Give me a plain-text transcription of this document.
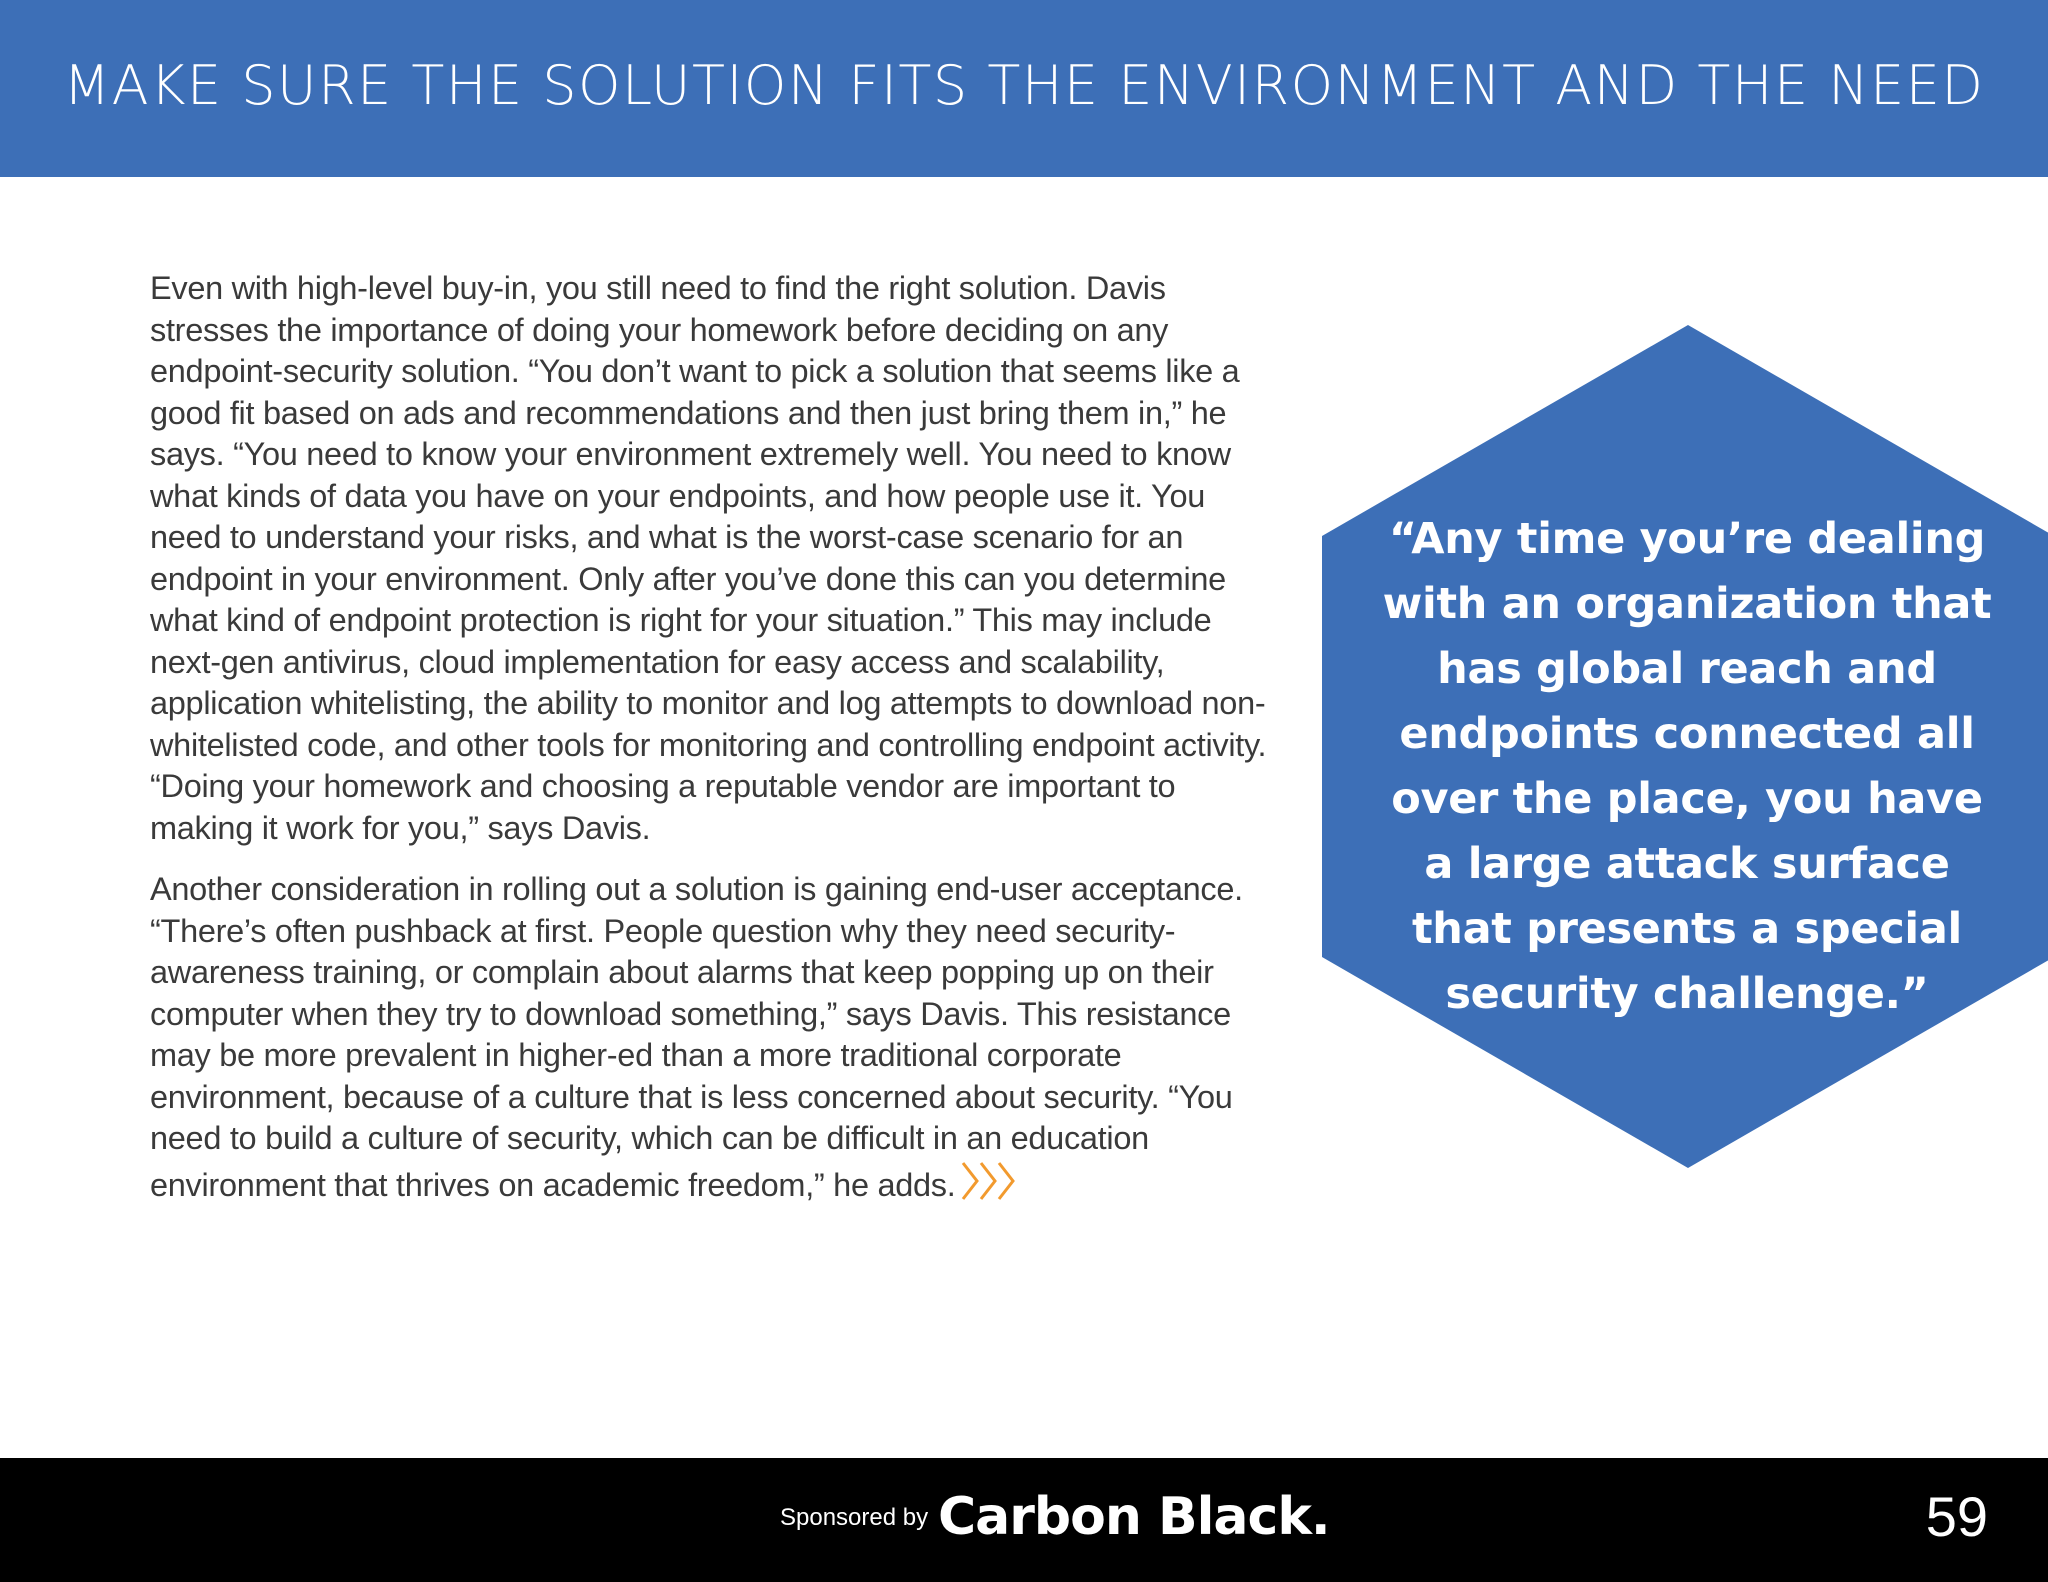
MAKE SURE THE SOLUTION FITS THE ENVIRONMENT AND THE NEED

Even with high-level buy-in, you still need to find the right solution. Davis stresses the importance of doing your homework before deciding on any endpoint-security solution. “You don’t want to pick a solution that seems like a good fit based on ads and recommendations and then just bring them in,” he says. “You need to know your environment extremely well. You need to know what kinds of data you have on your endpoints, and how people use it. You need to understand your risks, and what is the worst-case scenario for an endpoint in your environment. Only after you’ve done this can you determine what kind of endpoint protection is right for your situation.” This may include next-gen antivirus, cloud implementation for easy access and scalability, application whitelisting, the ability to monitor and log attempts to download non-whitelisted code, and other tools for monitoring and controlling endpoint activity. “Doing your homework and choosing a reputable vendor are important to making it work for you,” says Davis.

Another consideration in rolling out a solution is gaining end-user acceptance. “There’s often pushback at first. People question why they need security-awareness training, or complain about alarms that keep popping up on their computer when they try to download something,” says Davis. This resistance may be more prevalent in higher-ed than a more traditional corporate environment, because of a culture that is less concerned about security. “You need to build a culture of security, which can be difficult in an education environment that thrives on academic freedom,” he adds.

“Any time you’re dealing with an organization that has global reach and endpoints connected all over the place, you have a large attack surface that presents a special security challenge.”
Sponsored by Carbon Black.	59
